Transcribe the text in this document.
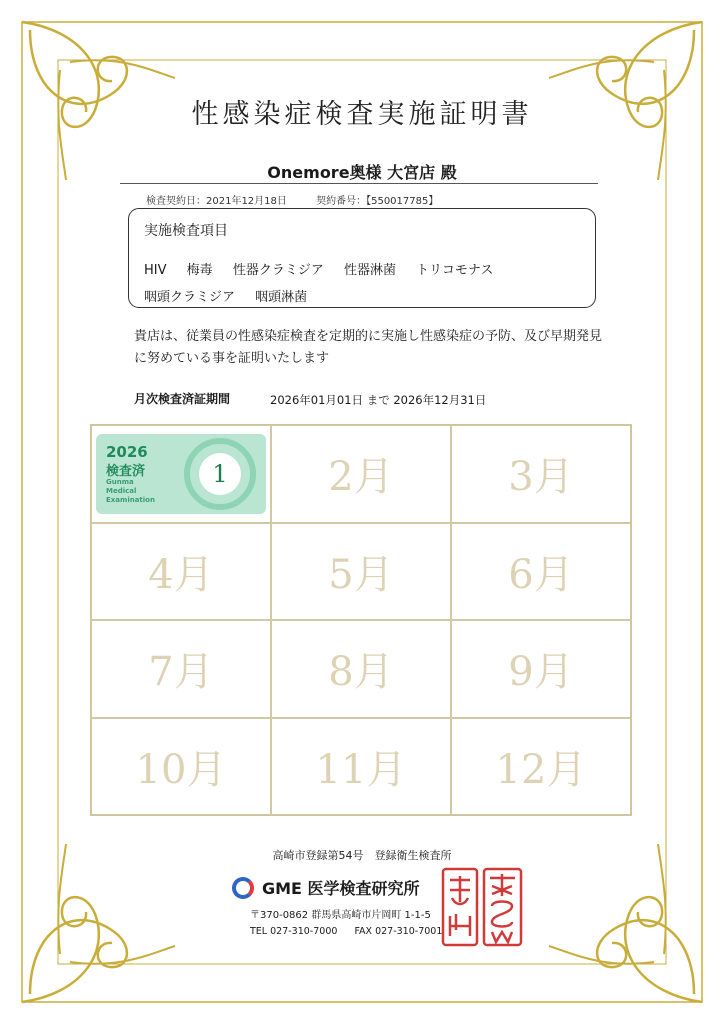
性感染症検査実施証明書
Onemore奥様 大宮店 殿
検査契約日：2021年12月18日	契約番号：【550017785】
実施検査項目
HIV 梅毒 性器クラミジア 性器淋菌 トリコモナス
咽頭クラミジア 咽頭淋菌
貴店は、従業員の性感染症検査を定期的に実施し性感染症の予防、及び早期発見に努めている事を証明いたします
月次検査済証期間	2026年01月01日 まで 2026年12月31日
2026
検査済
Gunma
Medical
Examination
1	2月	3月
4月	5月	6月
7月	8月	9月
10月	11月	12月
高崎市登録第54号　登録衛生検査所
GME 医学検査研究所
〒370-0862 群馬県高崎市片岡町 1-1-5
TEL 027-310-7000 FAX 027-310-7001
